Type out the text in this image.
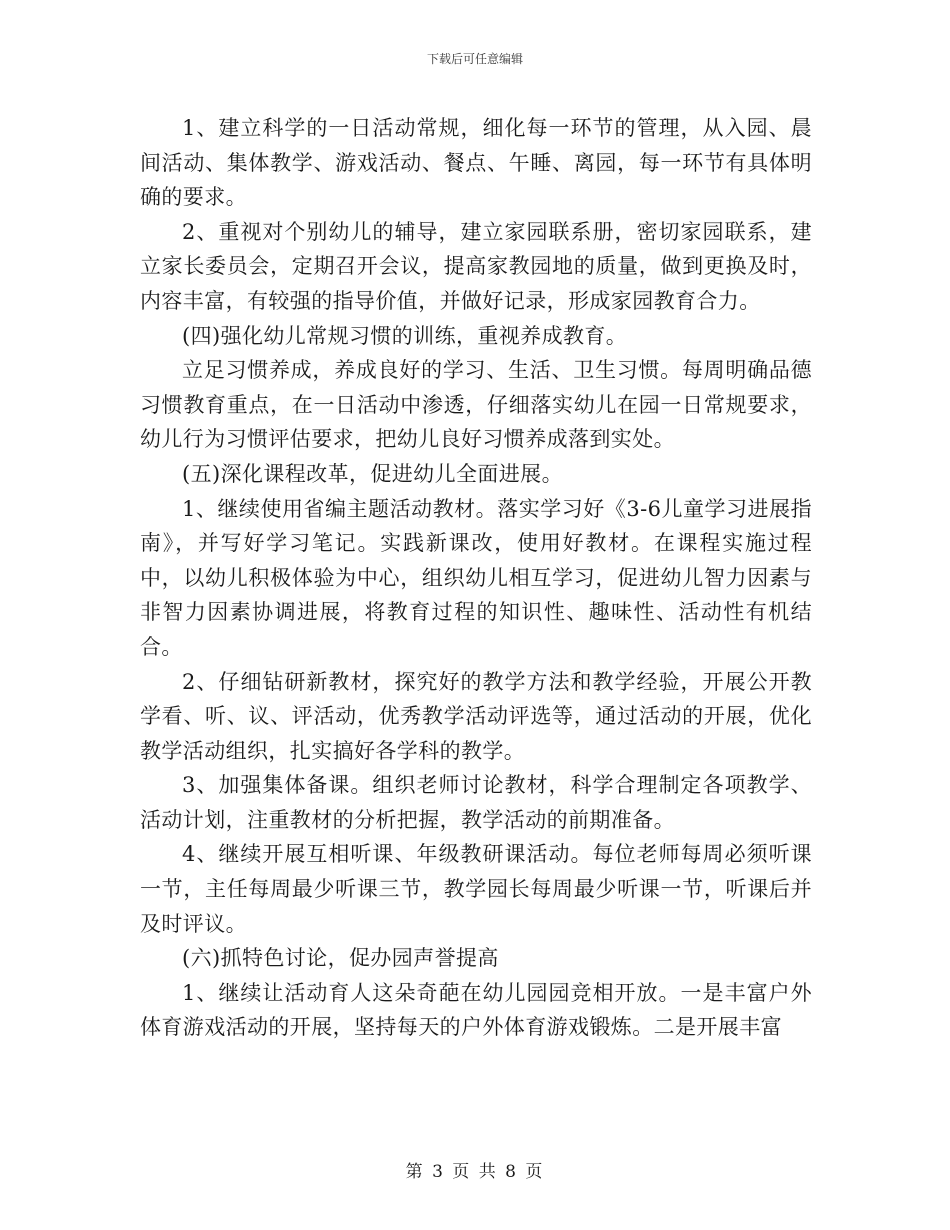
下载后可任意编辑

1、建立科学的一日活动常规，细化每一环节的管理，从入园、晨间活动、集体教学、游戏活动、餐点、午睡、离园，每一环节有具体明确的要求。

2、重视对个别幼儿的辅导，建立家园联系册，密切家园联系，建立家长委员会，定期召开会议，提高家教园地的质量，做到更换及时，内容丰富，有较强的指导价值，并做好记录，形成家园教育合力。

(四)强化幼儿常规习惯的训练，重视养成教育。

立足习惯养成，养成良好的学习、生活、卫生习惯。每周明确品德习惯教育重点，在一日活动中渗透，仔细落实幼儿在园一日常规要求，幼儿行为习惯评估要求，把幼儿良好习惯养成落到实处。

(五)深化课程改革，促进幼儿全面进展。

1、继续使用省编主题活动教材。落实学习好《3-6儿童学习进展指南》，并写好学习笔记。实践新课改，使用好教材。在课程实施过程中，以幼儿积极体验为中心，组织幼儿相互学习，促进幼儿智力因素与非智力因素协调进展，将教育过程的知识性、趣味性、活动性有机结合。

2、仔细钻研新教材，探究好的教学方法和教学经验，开展公开教学看、听、议、评活动，优秀教学活动评选等，通过活动的开展，优化教学活动组织，扎实搞好各学科的教学。

3、加强集体备课。组织老师讨论教材，科学合理制定各项教学、活动计划，注重教材的分析把握，教学活动的前期准备。

4、继续开展互相听课、年级教研课活动。每位老师每周必须听课一节，主任每周最少听课三节，教学园长每周最少听课一节，听课后并及时评议。

(六)抓特色讨论，促办园声誉提高

1、继续让活动育人这朵奇葩在幼儿园园竞相开放。一是丰富户外体育游戏活动的开展，坚持每天的户外体育游戏锻炼。二是开展丰富

第 3 页 共 8 页
